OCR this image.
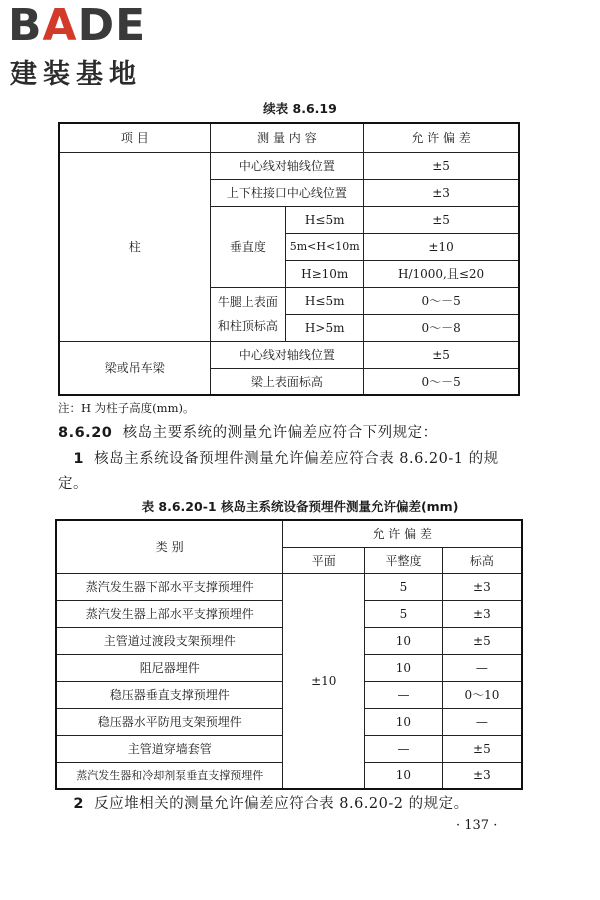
BADE
建装基地
续表 8.6.19
项 目	测 量 内 容		允 许 偏 差
柱	中心线对轴线位置		±5
	上下柱接口中心线位置		±3
	垂直度	H≤5m	±5
		5m<H<10m	±10
		H≥10m	H/1000,且≤20
	牛腿上表面和柱顶标高	H≤5m	0～－5
		H>5m	0～－8
梁或吊车梁	中心线对轴线位置		±5
	梁上表面标高		0～－5
注：H 为柱子高度(mm)。
8.6.20 核岛主要系统的测量允许偏差应符合下列规定：
1 核岛主系统设备预埋件测量允许偏差应符合表 8.6.20-1 的规定。
表 8.6.20-1 核岛主系统设备预埋件测量允许偏差(mm)
类 别	允 许 偏 差		
	平面	平整度	标高
蒸汽发生器下部水平支撑预埋件	±10	5	±3
蒸汽发生器上部水平支撑预埋件		5	±3
主管道过渡段支架预埋件		10	±5
阻尼器埋件		10	—
稳压器垂直支撑预埋件		—	0～10
稳压器水平防甩支架预埋件		10	—
主管道穿墙套管		—	±5
蒸汽发生器和冷却剂泵垂直支撑预埋件		10	±3
2 反应堆相关的测量允许偏差应符合表 8.6.20-2 的规定。
· 137 ·
